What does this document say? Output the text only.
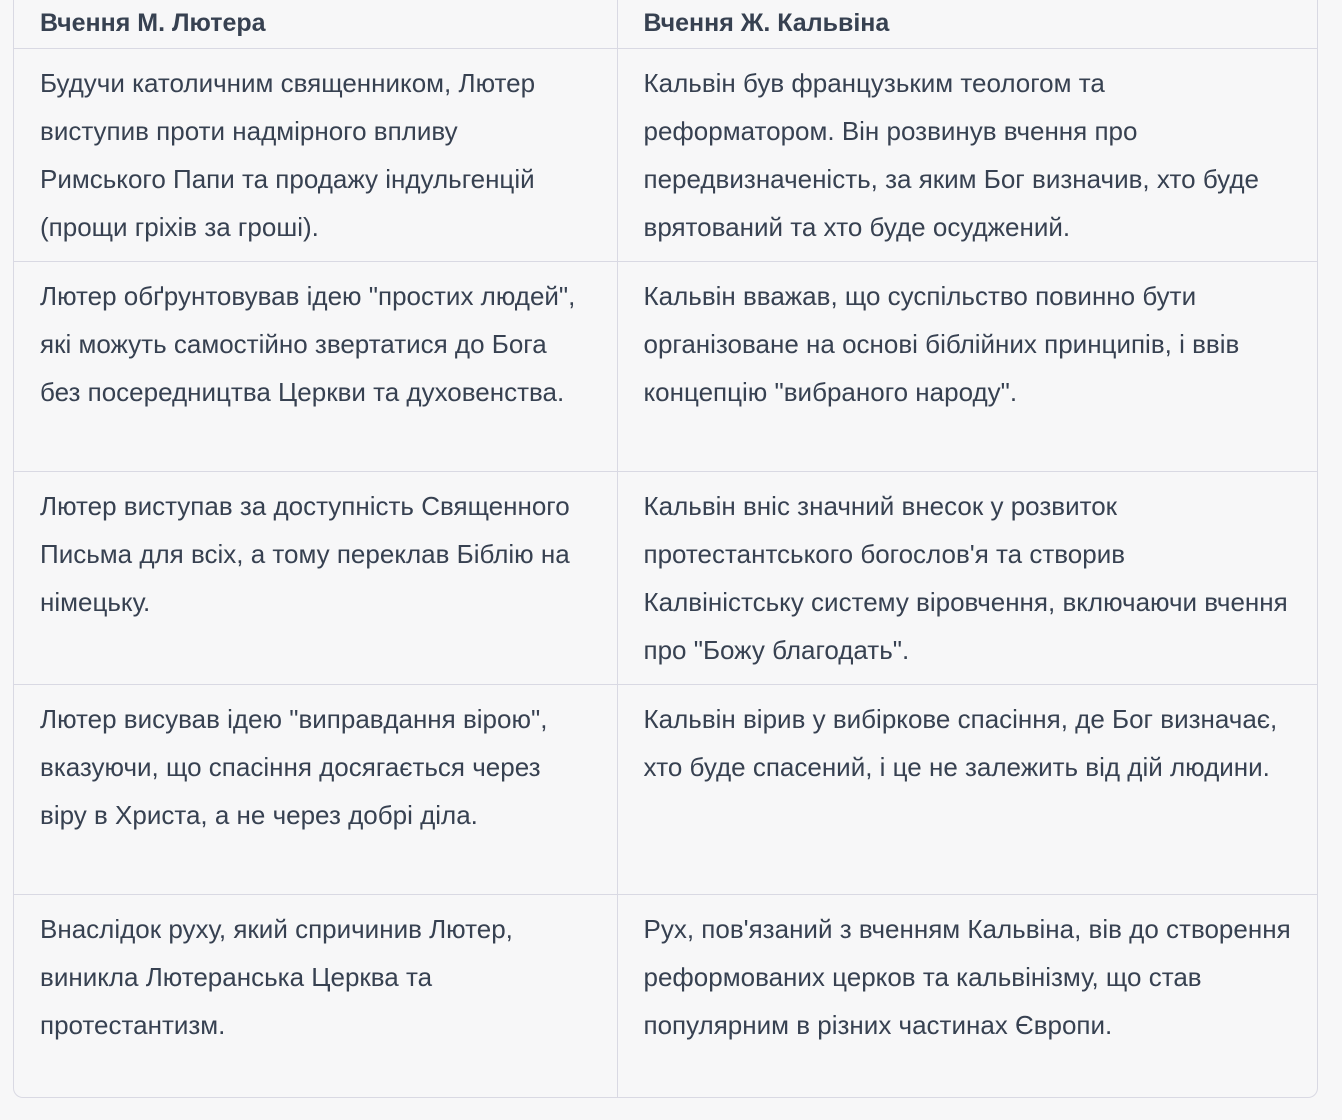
Вчення М. Лютера	Вчення Ж. Кальвіна
Будучи католичним священником, Лютер виступив проти надмірного впливу Римського Папи та продажу індульгенцій (прощи гріхів за гроші).	Кальвін був французьким теологом та реформатором. Він розвинув вчення про передвизначеність, за яким Бог визначив, хто буде врятований та хто буде осуджений.
Лютер обґрунтовував ідею "простих людей", які можуть самостійно звертатися до Бога без посередництва Церкви та духовенства.	Кальвін вважав, що суспільство повинно бути організоване на основі біблійних принципів, і ввів концепцію "вибраного народу".
Лютер виступав за доступність Священного Письма для всіх, а тому переклав Біблію на німецьку.	Кальвін вніс значний внесок у розвиток протестантського богослов'я та створив Калвіністську систему віровчення, включаючи вчення про "Божу благодать".
Лютер висував ідею "виправдання вірою", вказуючи, що спасіння досягається через віру в Христа, а не через добрі діла.	Кальвін вірив у вибіркове спасіння, де Бог визначає, хто буде спасений, і це не залежить від дій людини.
Внаслідок руху, який спричинив Лютер, виникла Лютеранська Церква та протестантизм.	Рух, пов'язаний з вченням Кальвіна, вів до створення реформованих церков та кальвінізму, що став популярним в різних частинах Європи.
